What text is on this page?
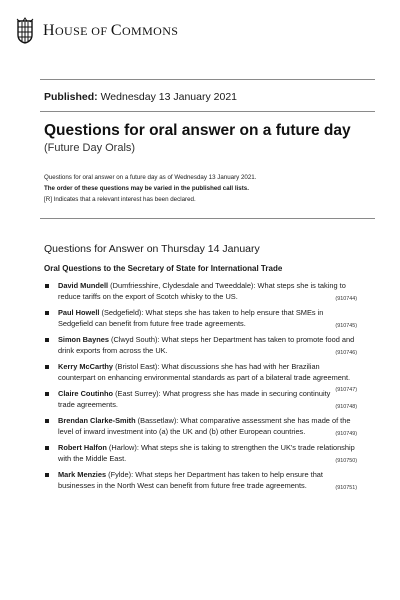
HOUSE OF COMMONS
Published: Wednesday 13 January 2021
Questions for oral answer on a future day
(Future Day Orals)
Questions for oral answer on a future day as of Wednesday 13 January 2021.
The order of these questions may be varied in the published call lists.
[R] Indicates that a relevant interest has been declared.
Questions for Answer on Thursday 14 January
Oral Questions to the Secretary of State for International Trade
David Mundell (Dumfriesshire, Clydesdale and Tweeddale): What steps she is taking to reduce tariffs on the export of Scotch whisky to the US.	(910744)
Paul Howell (Sedgefield): What steps she has taken to help ensure that SMEs in Sedgefield can benefit from future free trade agreements.	(910745)
Simon Baynes (Clwyd South): What steps her Department has taken to promote food and drink exports from across the UK.	(910746)
Kerry McCarthy (Bristol East): What discussions she has had with her Brazilian counterpart on enhancing environmental standards as part of a bilateral trade agreement.
(910747)
Claire Coutinho (East Surrey): What progress she has made in securing continuity trade agreements.	(910748)
Brendan Clarke-Smith (Bassetlaw): What comparative assessment she has made of the level of inward investment into (a) the UK and (b) other European countries.	(910749)
Robert Halfon (Harlow): What steps she is taking to strengthen the UK's trade relationship with the Middle East.	(910750)
Mark Menzies (Fylde): What steps her Department has taken to help ensure that businesses in the North West can benefit from future free trade agreements.	(910751)
